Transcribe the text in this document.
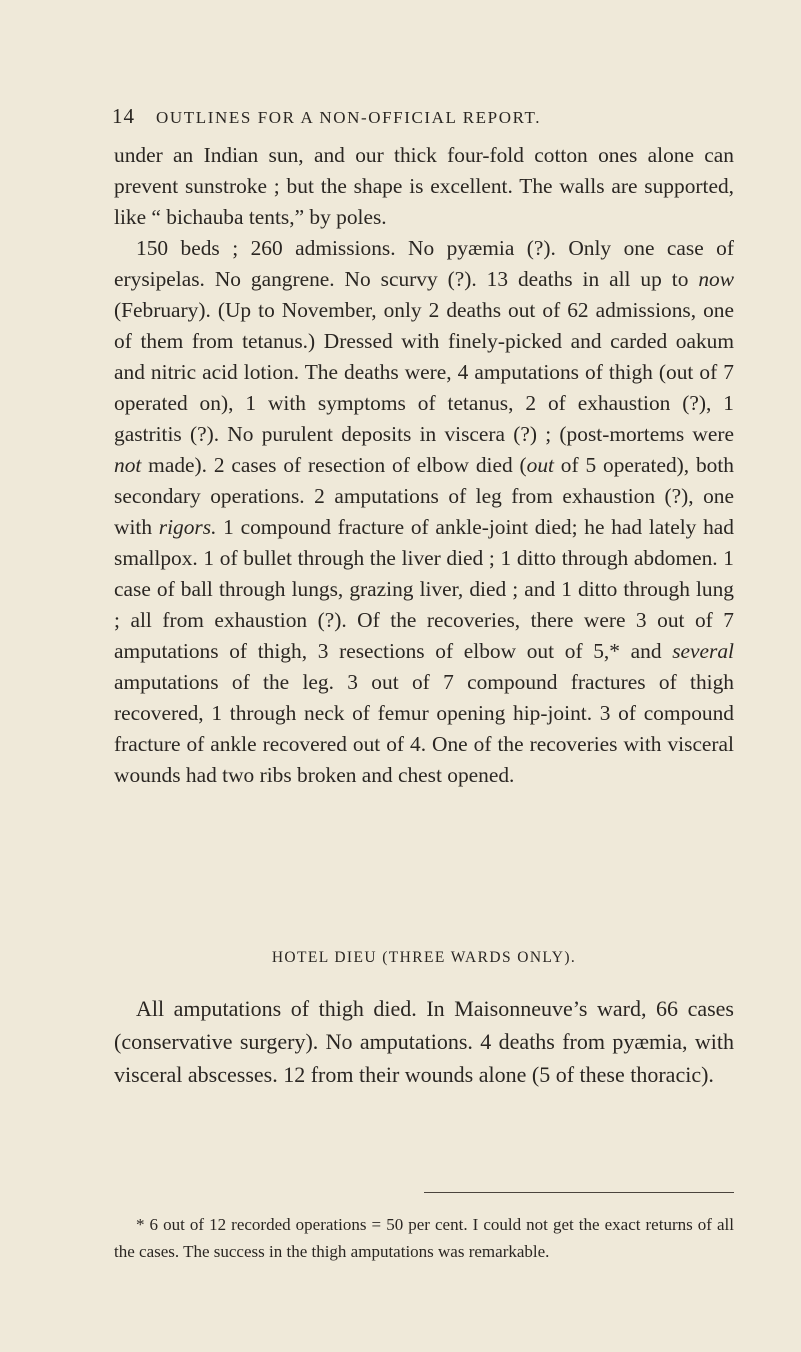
14 OUTLINES FOR A NON-OFFICIAL REPORT.

under an Indian sun, and our thick four-fold cotton ones alone can prevent sunstroke ; but the shape is excellent. The walls are supported, like “ bichauba tents,” by poles.

150 beds ; 260 admissions. No pyæmia (?). Only one case of erysipelas. No gangrene. No scurvy (?). 13 deaths in all up to now (February). (Up to November, only 2 deaths out of 62 admissions, one of them from tetanus.) Dressed with finely-picked and carded oakum and nitric acid lotion. The deaths were, 4 amputations of thigh (out of 7 operated on), 1 with symptoms of tetanus, 2 of exhaustion (?), 1 gastritis (?). No purulent deposits in viscera (?) ; (post-mortems were not made). 2 cases of resection of elbow died (out of 5 operated), both secondary operations. 2 amputations of leg from exhaustion (?), one with rigors. 1 compound fracture of ankle-joint died; he had lately had smallpox. 1 of bullet through the liver died ; 1 ditto through abdomen. 1 case of ball through lungs, grazing liver, died ; and 1 ditto through lung ; all from exhaustion (?). Of the recoveries, there were 3 out of 7 amputations of thigh, 3 resections of elbow out of 5,* and several amputations of the leg. 3 out of 7 compound fractures of thigh recovered, 1 through neck of femur opening hip-joint. 3 of compound fracture of ankle recovered out of 4. One of the recoveries with visceral wounds had two ribs broken and chest opened.

HOTEL DIEU (THREE WARDS ONLY).

All amputations of thigh died. In Maisonneuve’s ward, 66 cases (conservative surgery). No amputations. 4 deaths from pyæmia, with visceral abscesses. 12 from their wounds alone (5 of these thoracic).

* 6 out of 12 recorded operations = 50 per cent. I could not get the exact returns of all the cases. The success in the thigh amputations was remarkable.
